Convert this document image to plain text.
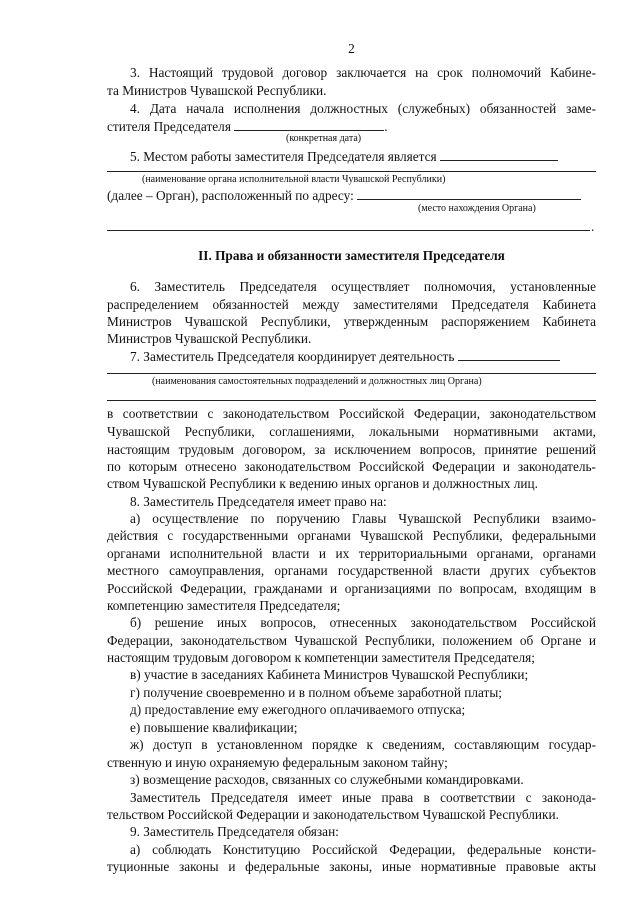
2
3. Настоящий трудовой договор заключается на срок полномочий Кабине-
та Министров Чувашской Республики.
4. Дата начала исполнения должностных (служебных) обязанностей заме-
стителя Председателя	.
(конкретная дата)
5. Местом работы заместителя Председателя является
(наименование органа исполнительной власти Чувашской Республики)
(далее – Орган), расположенный по адресу:
(место нахождения Органа)
.
II. Права и обязанности заместителя Председателя
6. Заместитель Председателя осуществляет полномочия, установленные
распределением обязанностей между заместителями Председателя Кабинета
Министров Чувашской Республики, утвержденным распоряжением Кабинета
Министров Чувашской Республики.
7. Заместитель Председателя координирует деятельность
(наименования самостоятельных подразделений и должностных лиц Органа)
в соответствии с законодательством Российской Федерации, законодательством
Чувашской Республики, соглашениями, локальными нормативными актами,
настоящим трудовым договором, за исключением вопросов, принятие решений
по которым отнесено законодательством Российской Федерации и законодатель-
ством Чувашской Республики к ведению иных органов и должностных лиц.
8. Заместитель Председателя имеет право на:
а) осуществление по поручению Главы Чувашской Республики взаимо-
действия с государственными органами Чувашской Республики, федеральными
органами исполнительной власти и их территориальными органами, органами
местного самоуправления, органами государственной власти других субъектов
Российской Федерации, гражданами и организациями по вопросам, входящим в
компетенцию заместителя Председателя;
б) решение иных вопросов, отнесенных законодательством Российской
Федерации, законодательством Чувашской Республики, положением об Органе и
настоящим трудовым договором к компетенции заместителя Председателя;
в) участие в заседаниях Кабинета Министров Чувашской Республики;
г) получение своевременно и в полном объеме заработной платы;
д) предоставление ему ежегодного оплачиваемого отпуска;
е) повышение квалификации;
ж) доступ в установленном порядке к сведениям, составляющим государ-
ственную и иную охраняемую федеральным законом тайну;
з) возмещение расходов, связанных со служебными командировками.
Заместитель Председателя имеет иные права в соответствии с законода-
тельством Российской Федерации и законодательством Чувашской Республики.
9. Заместитель Председателя обязан:
а) соблюдать Конституцию Российской Федерации, федеральные консти-
туционные законы и федеральные законы, иные нормативные правовые акты
